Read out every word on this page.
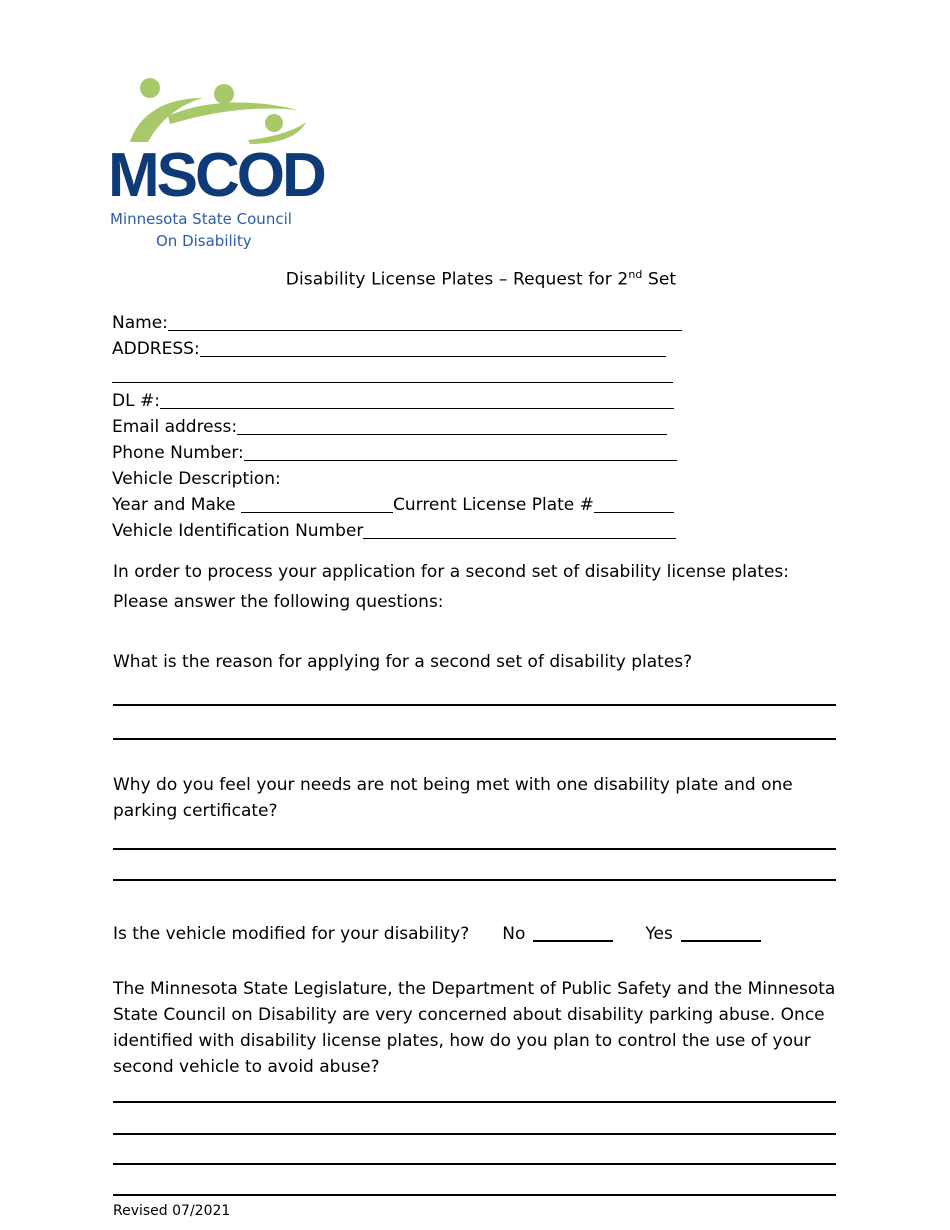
MSCOD
Minnesota State Council
On Disability
Disability License Plates – Request for 2nd Set
Name:
ADDRESS:
DL #:
Email address:
Phone Number:
Vehicle Description:
Year and Make	Current License Plate #
Vehicle Identification Number
In order to process your application for a second set of disability license plates:
Please answer the following questions:
What is the reason for applying for a second set of disability plates?
Why do you feel your needs are not being met with one disability plate and one parking certificate?
Is the vehicle modified for your disability? No	Yes
The Minnesota State Legislature, the Department of Public Safety and the Minnesota State Council on Disability are very concerned about disability parking abuse. Once identified with disability license plates, how do you plan to control the use of your second vehicle to avoid abuse?
Revised 07/2021
